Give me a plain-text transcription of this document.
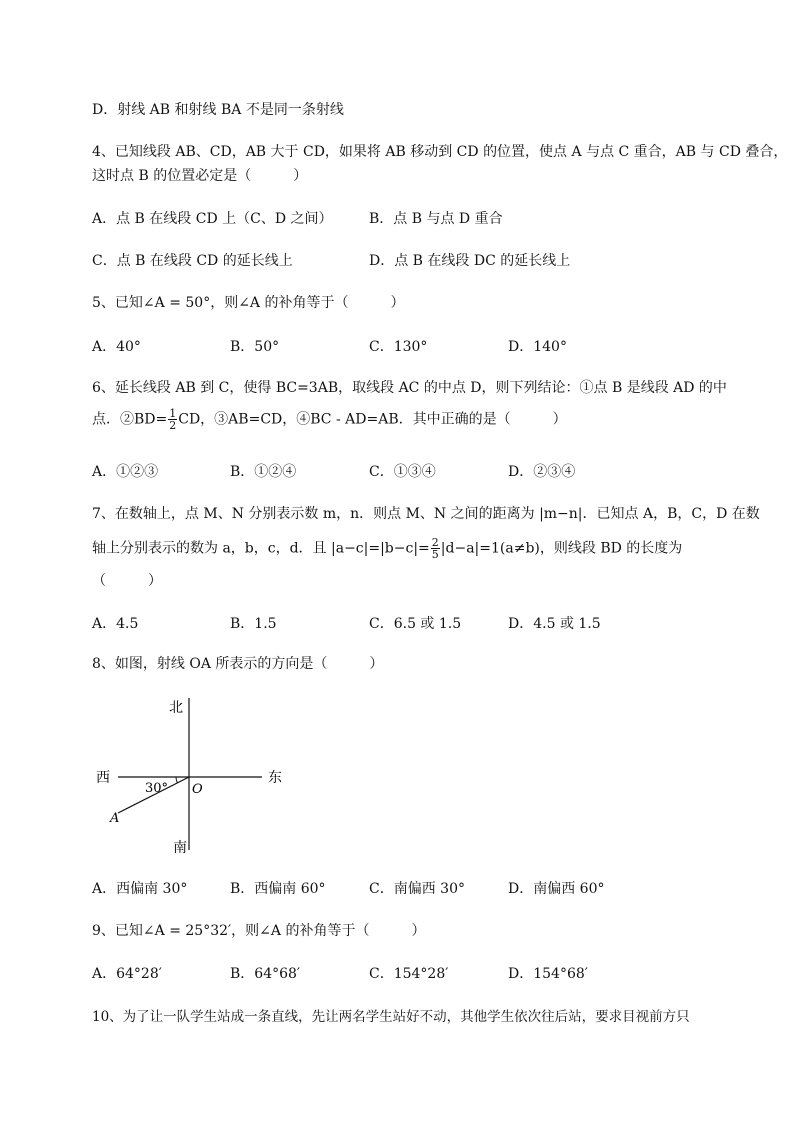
D．射线 AB 和射线 BA 不是同一条射线
4、已知线段 AB、CD，AB 大于 CD，如果将 AB 移动到 CD 的位置，使点 A 与点 C 重合，AB 与 CD 叠合，
这时点 B 的位置必定是（　　　）
A．点 B 在线段 CD 上（C、D 之间）	B．点 B 与点 D 重合
C．点 B 在线段 CD 的延长线上	D．点 B 在线段 DC 的延长线上
5、已知∠A = 50°，则∠A 的补角等于（　　　）
A．40°	B．50°	C．130°	D．140°
6、延长线段 AB 到 C，使得 BC=3AB，取线段 AC 的中点 D，则下列结论：①点 B 是线段 AD 的中
点．②BD= $\frac{1}{2}$ CD，③AB=CD，④BC - AD=AB．其中正确的是（　　　）
A．①②③	B．①②④	C．①③④	D．②③④
7、在数轴上，点 M、N 分别表示数 m，n．则点 M、N 之间的距离为 |m−n|．已知点 A，B，C，D 在数
轴上分别表示的数为 a，b，c，d．且 $|a-c|=|b-c|= \frac{2}{5} |d-a|=1(a\ne b)$，则线段 BD 的长度为
（　　　）
A．4.5	B．1.5	C．6.5 或 1.5	D．4.5 或 1.5
8、如图，射线 OA 所表示的方向是（　　　）
北
南
西	东
30° O
A
A．西偏南 30°	B．西偏南 60°	C．南偏西 30°	D．南偏西 60°
9、已知∠A = 25°32′，则∠A 的补角等于（　　　）
A．64°28′	B．64°68′	C．154°28′	D．154°68′
10、为了让一队学生站成一条直线，先让两名学生站好不动，其他学生依次往后站，要求目视前方只
